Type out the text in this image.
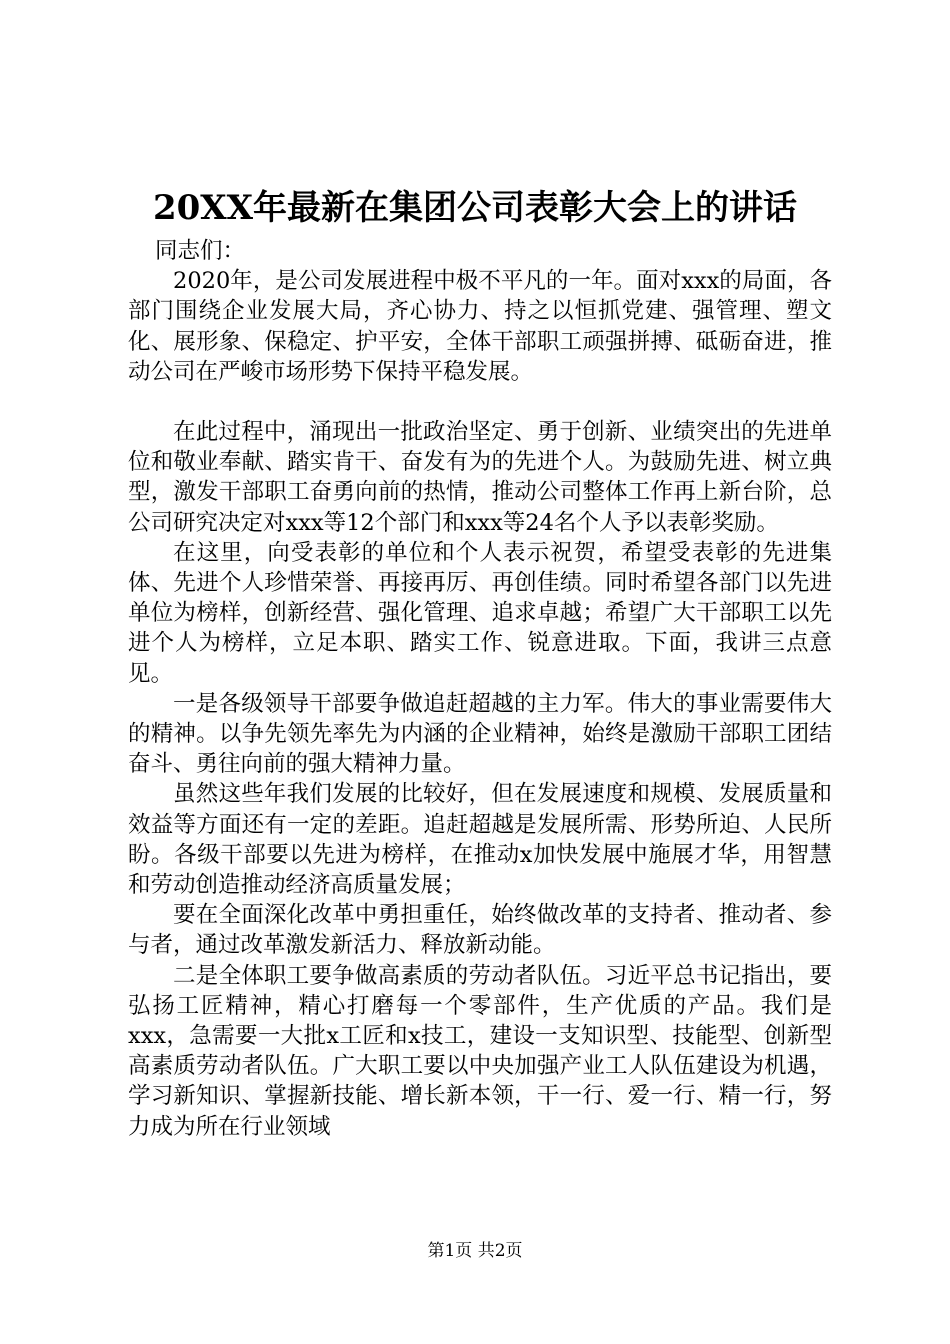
20XX年最新在集团公司表彰大会上的讲话

同志们：

2020年，是公司发展进程中极不平凡的一年。面对xxx的局面，各部门围绕企业发展大局，齐心协力、持之以恒抓党建、强管理、塑文化、展形象、保稳定、护平安，全体干部职工顽强拼搏、砥砺奋进，推动公司在严峻市场形势下保持平稳发展。

在此过程中，涌现出一批政治坚定、勇于创新、业绩突出的先进单位和敬业奉献、踏实肯干、奋发有为的先进个人。为鼓励先进、树立典型，激发干部职工奋勇向前的热情，推动公司整体工作再上新台阶，总公司研究决定对xxx等12个部门和xxx等24名个人予以表彰奖励。

在这里，向受表彰的单位和个人表示祝贺，希望受表彰的先进集体、先进个人珍惜荣誉、再接再厉、再创佳绩。同时希望各部门以先进单位为榜样，创新经营、强化管理、追求卓越；希望广大干部职工以先进个人为榜样，立足本职、踏实工作、锐意进取。下面，我讲三点意见。

一是各级领导干部要争做追赶超越的主力军。伟大的事业需要伟大的精神。以争先领先率先为内涵的企业精神，始终是激励干部职工团结奋斗、勇往向前的强大精神力量。

虽然这些年我们发展的比较好，但在发展速度和规模、发展质量和效益等方面还有一定的差距。追赶超越是发展所需、形势所迫、人民所盼。各级干部要以先进为榜样，在推动x加快发展中施展才华，用智慧和劳动创造推动经济高质量发展；

要在全面深化改革中勇担重任，始终做改革的支持者、推动者、参与者，通过改革激发新活力、释放新动能。

二是全体职工要争做高素质的劳动者队伍。习近平总书记指出，要弘扬工匠精神，精心打磨每一个零部件，生产优质的产品。我们是xxx，急需要一大批x工匠和x技工，建设一支知识型、技能型、创新型高素质劳动者队伍。广大职工要以中央加强产业工人队伍建设为机遇，学习新知识、掌握新技能、增长新本领，干一行、爱一行、精一行，努力成为所在行业领域

第1页 共2页
